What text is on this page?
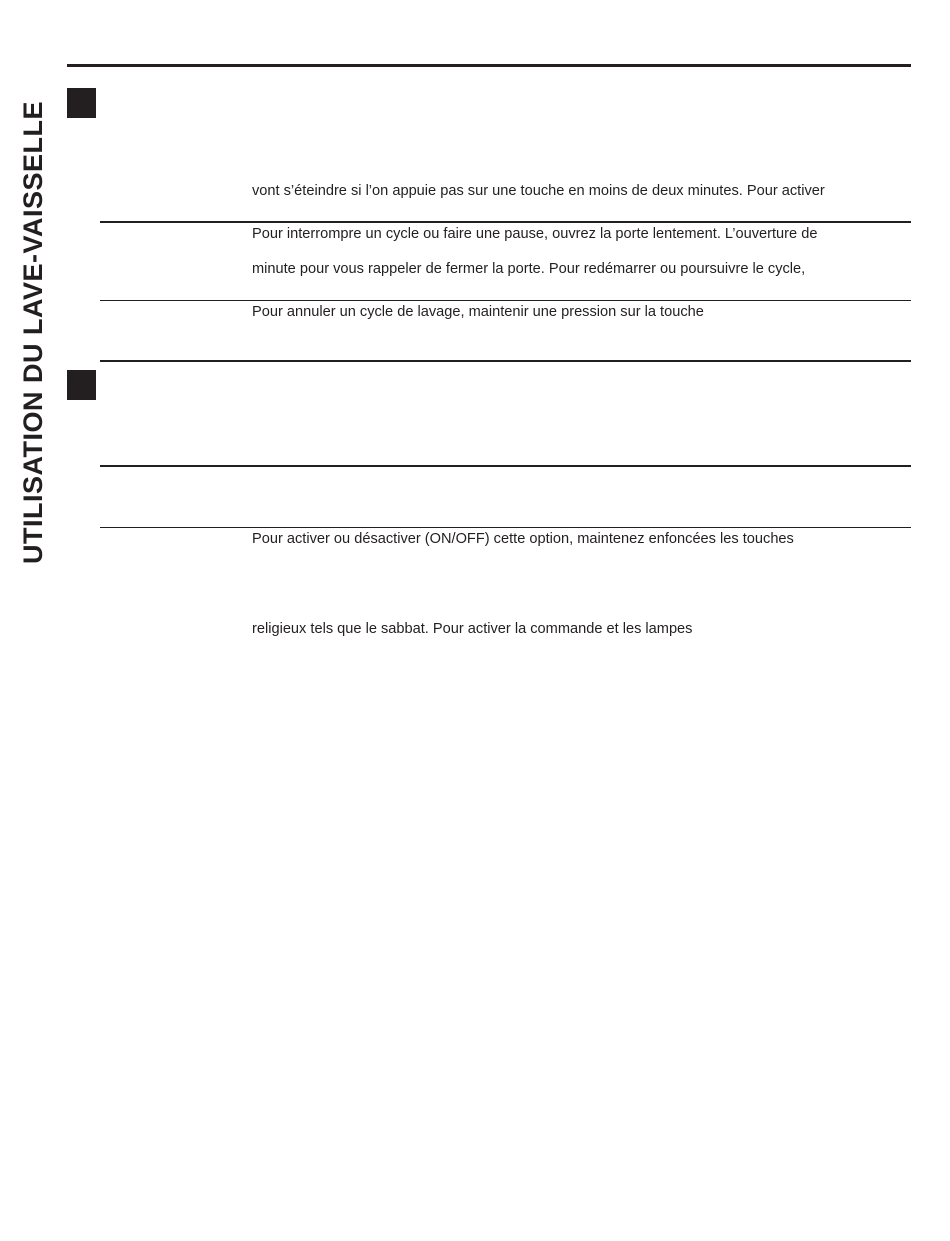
UTILISATION DU LAVE-VAISSELLE	vont s’éteindre si l’on appuie pas sur une touche en moins de deux minutes. Pour activer
Pour interrompre un cycle ou faire une pause, ouvrez la porte lentement. L’ouverture de
minute pour vous rappeler de fermer la porte. Pour redémarrer ou poursuivre le cycle,
Pour annuler un cycle de lavage, maintenir une pression sur la touche
Pour activer ou désactiver (ON/OFF) cette option, maintenez enfoncées les touches
religieux tels que le sabbat. Pour activer la commande et les lampes
